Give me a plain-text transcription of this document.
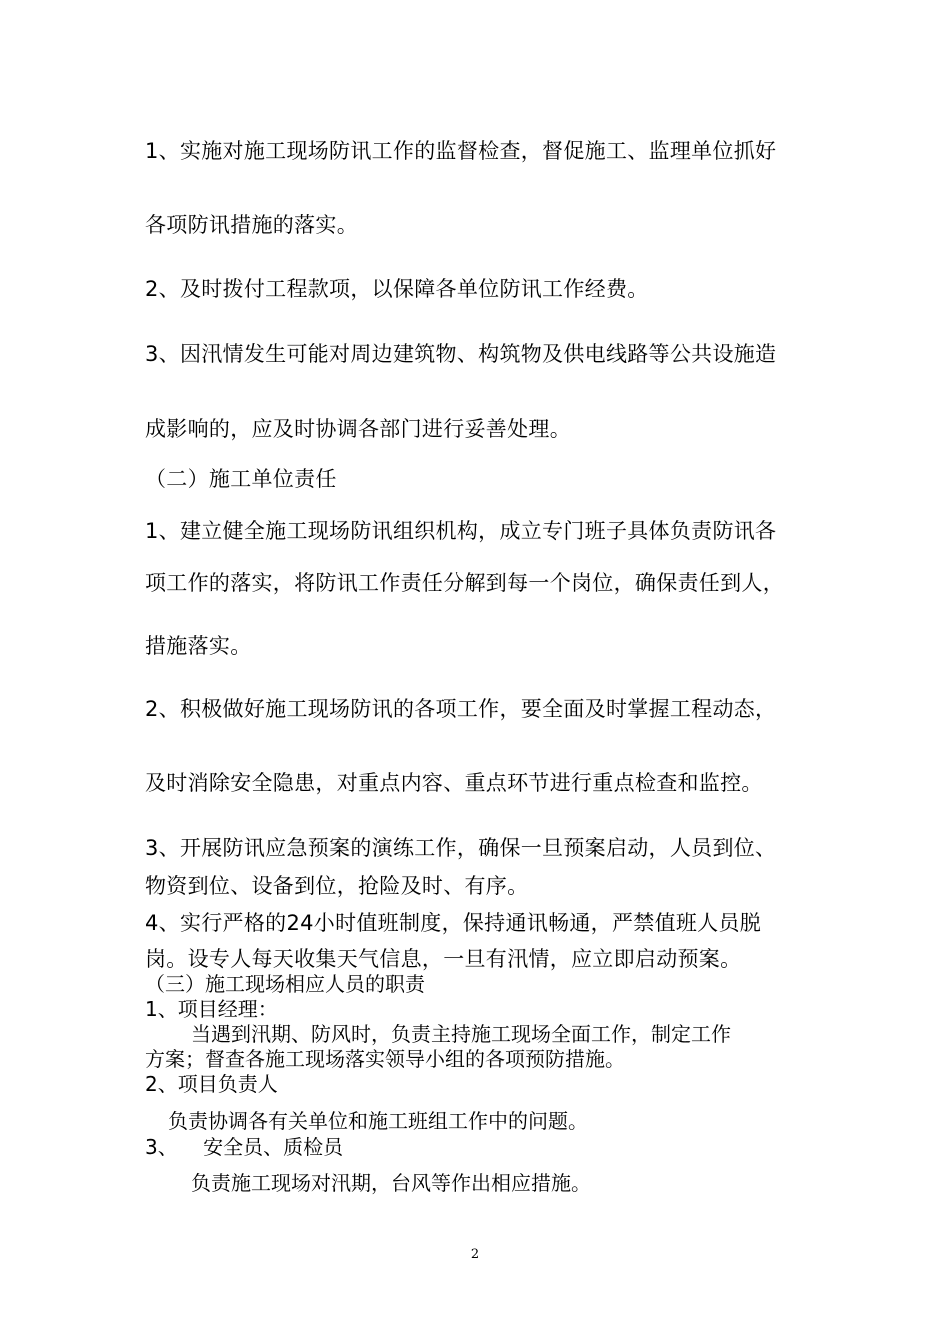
1、实施对施工现场防讯工作的监督检查，督促施工、监理单位抓好
各项防讯措施的落实。
2、及时拨付工程款项，以保障各单位防讯工作经费。
3、因汛情发生可能对周边建筑物、构筑物及供电线路等公共设施造
成影响的，应及时协调各部门进行妥善处理。
（二）施工单位责任
1、建立健全施工现场防讯组织机构，成立专门班子具体负责防讯各
项工作的落实，将防讯工作责任分解到每一个岗位，确保责任到人，
措施落实。
2、积极做好施工现场防讯的各项工作，要全面及时掌握工程动态，
及时消除安全隐患，对重点内容、重点环节进行重点检查和监控。
3、开展防讯应急预案的演练工作，确保一旦预案启动，人员到位、
物资到位、设备到位，抢险及时、有序。
4、实行严格的24小时值班制度，保持通讯畅通，严禁值班人员脱
岗。设专人每天收集天气信息，一旦有汛情，应立即启动预案。
（三）施工现场相应人员的职责
1、项目经理：
当遇到汛期、防风时，负责主持施工现场全面工作，制定工作
方案；督查各施工现场落实领导小组的各项预防措施。
2、项目负责人
负责协调各有关单位和施工班组工作中的问题。
3、    安全员、质检员
负责施工现场对汛期，台风等作出相应措施。
2
